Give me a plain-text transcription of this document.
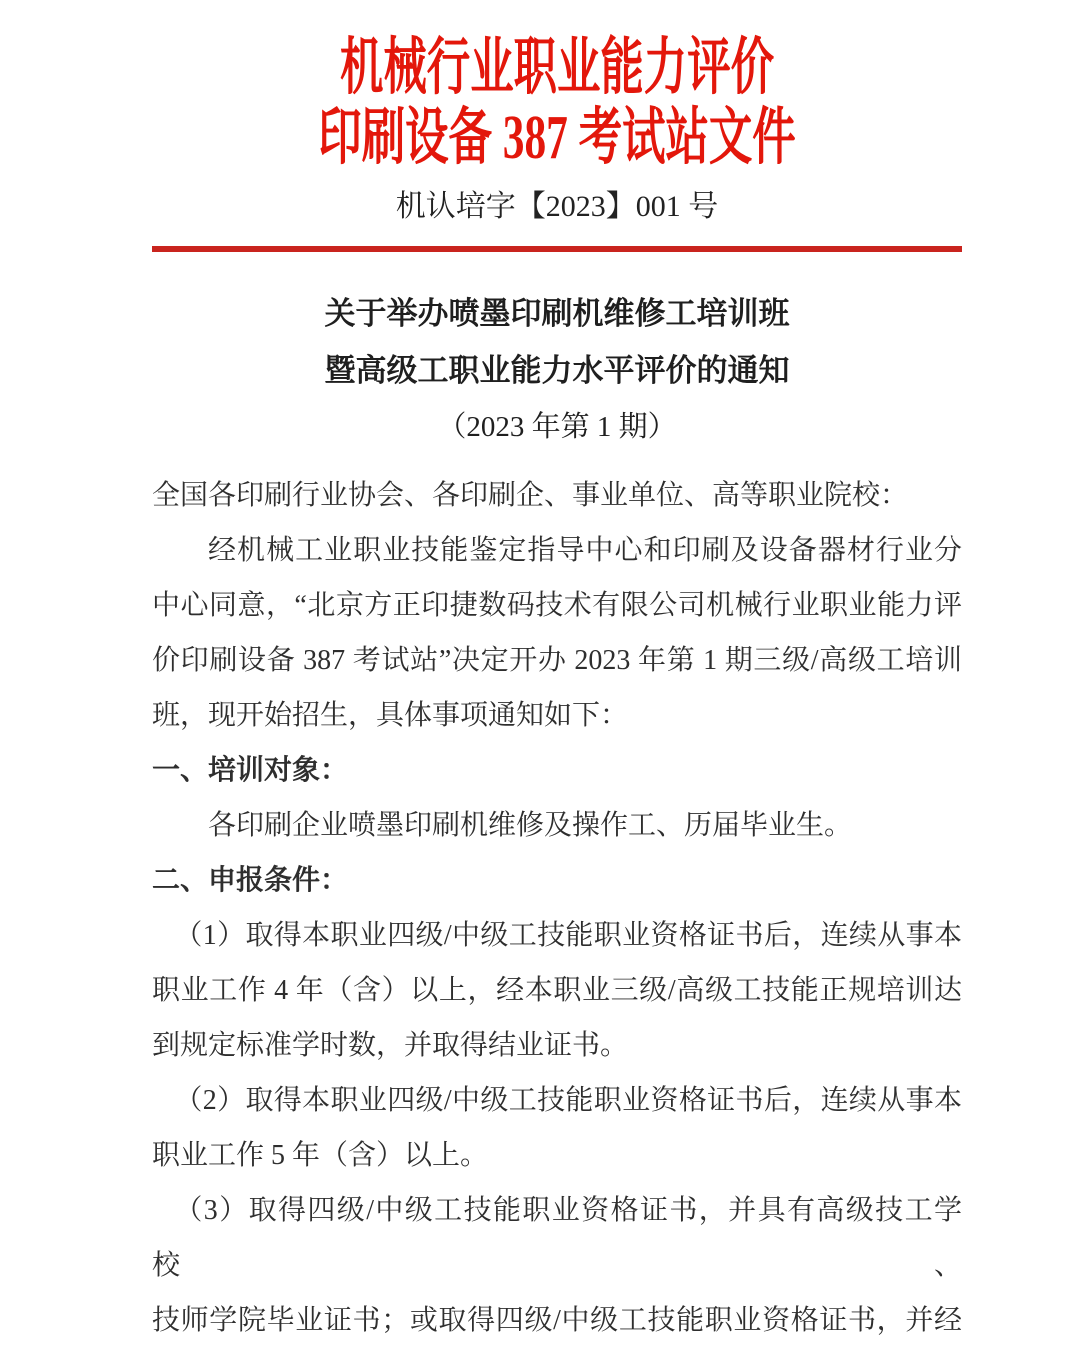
机械行业职业能力评价
印刷设备 387 考试站文件
机认培字【2023】001 号

关于举办喷墨印刷机维修工培训班

暨高级工职业能力水平评价的通知

（2023 年第 1 期）

全国各印刷行业协会、各印刷企、事业单位、高等职业院校：

经机械工业职业技能鉴定指导中心和印刷及设备器材行业分

中心同意，“北京方正印捷数码技术有限公司机械行业职业能力评

价印刷设备 387 考试站”决定开办 2023 年第 1 期三级/高级工培训

班，现开始招生，具体事项通知如下：

一、培训对象：

各印刷企业喷墨印刷机维修及操作工、历届毕业生。

二、申报条件：

（1）取得本职业四级/中级工技能职业资格证书后，连续从事本

职业工作 4 年（含）以上，经本职业三级/高级工技能正规培训达

到规定标准学时数，并取得结业证书。

（2）取得本职业四级/中级工技能职业资格证书后，连续从事本

职业工作 5 年（含）以上。

（3）取得四级/中级工技能职业资格证书，并具有高级技工学校、

技师学院毕业证书；或取得四级/中级工技能职业资格证书，并经
